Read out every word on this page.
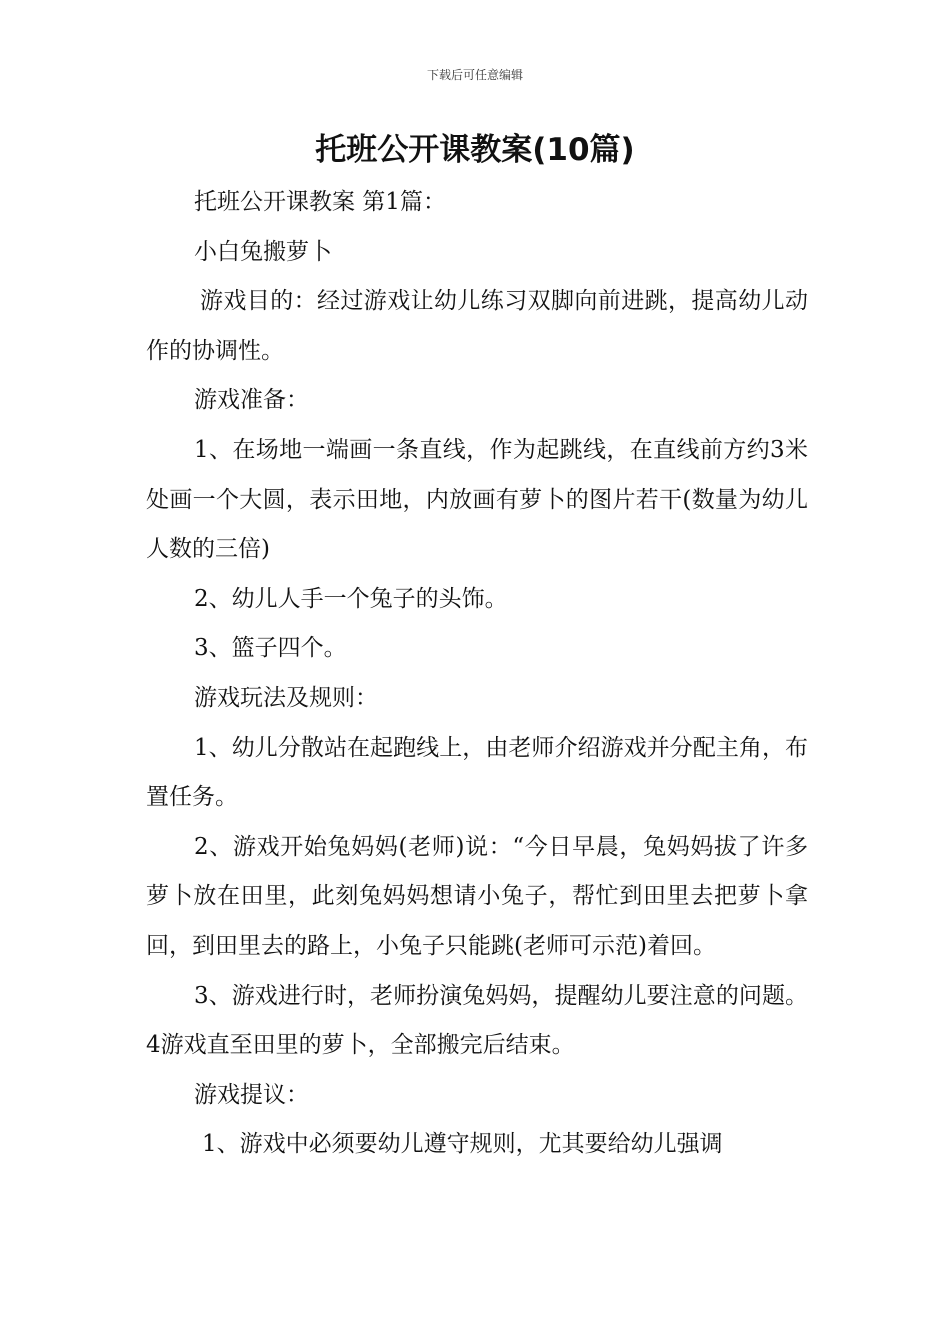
下载后可任意编辑
托班公开课教案(10篇)

托班公开课教案 第1篇：

小白兔搬萝卜

游戏目的：经过游戏让幼儿练习双脚向前进跳，提高幼儿动作的协调性。

游戏准备：

1、在场地一端画一条直线，作为起跳线，在直线前方约3米处画一个大圆，表示田地，内放画有萝卜的图片若干(数量为幼儿人数的三倍)

2、幼儿人手一个兔子的头饰。

3、篮子四个。

游戏玩法及规则：

1、幼儿分散站在起跑线上，由老师介绍游戏并分配主角，布置任务。

2、游戏开始兔妈妈(老师)说：“今日早晨，兔妈妈拔了许多萝卜放在田里，此刻兔妈妈想请小兔子，帮忙到田里去把萝卜拿回，到田里去的路上，小兔子只能跳(老师可示范)着回。

3、游戏进行时，老师扮演兔妈妈，提醒幼儿要注意的问题。4游戏直至田里的萝卜，全部搬完后结束。

游戏提议：

1、游戏中必须要幼儿遵守规则，尤其要给幼儿强调
